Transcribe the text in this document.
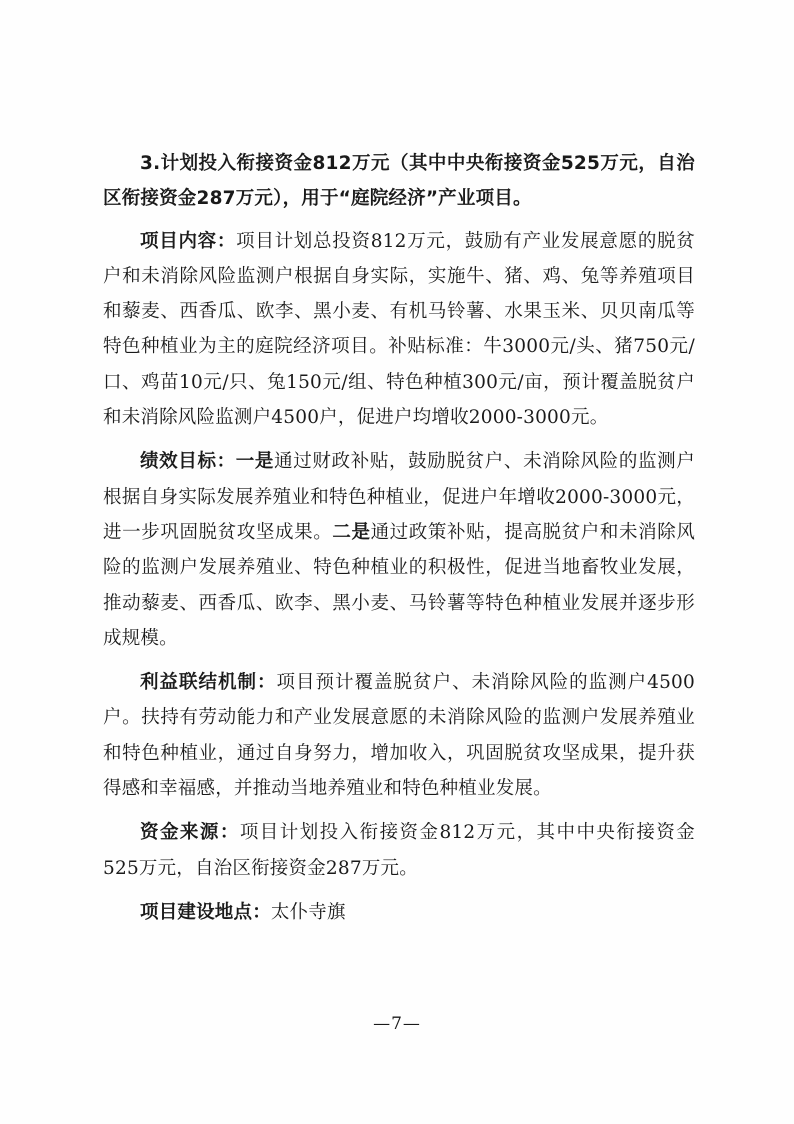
3.计划投入衔接资金812万元（其中中央衔接资金525万元，自治区衔接资金287万元），用于“庭院经济”产业项目。

项目内容：项目计划总投资812万元，鼓励有产业发展意愿的脱贫户和未消除风险监测户根据自身实际，实施牛、猪、鸡、兔等养殖项目和藜麦、西香瓜、欧李、黑小麦、有机马铃薯、水果玉米、贝贝南瓜等特色种植业为主的庭院经济项目。补贴标准：牛3000元/头、猪750元/口、鸡苗10元/只、兔150元/组、特色种植300元/亩，预计覆盖脱贫户和未消除风险监测户4500户，促进户均增收2000-3000元。

绩效目标：一是通过财政补贴，鼓励脱贫户、未消除风险的监测户根据自身实际发展养殖业和特色种植业，促进户年增收2000-3000元，进一步巩固脱贫攻坚成果。二是通过政策补贴，提高脱贫户和未消除风险的监测户发展养殖业、特色种植业的积极性，促进当地畜牧业发展，推动藜麦、西香瓜、欧李、黑小麦、马铃薯等特色种植业发展并逐步形成规模。

利益联结机制：项目预计覆盖脱贫户、未消除风险的监测户4500户。扶持有劳动能力和产业发展意愿的未消除风险的监测户发展养殖业和特色种植业，通过自身努力，增加收入，巩固脱贫攻坚成果，提升获得感和幸福感，并推动当地养殖业和特色种植业发展。

资金来源：项目计划投入衔接资金812万元，其中中央衔接资金525万元，自治区衔接资金287万元。

项目建设地点：太仆寺旗

—7—
